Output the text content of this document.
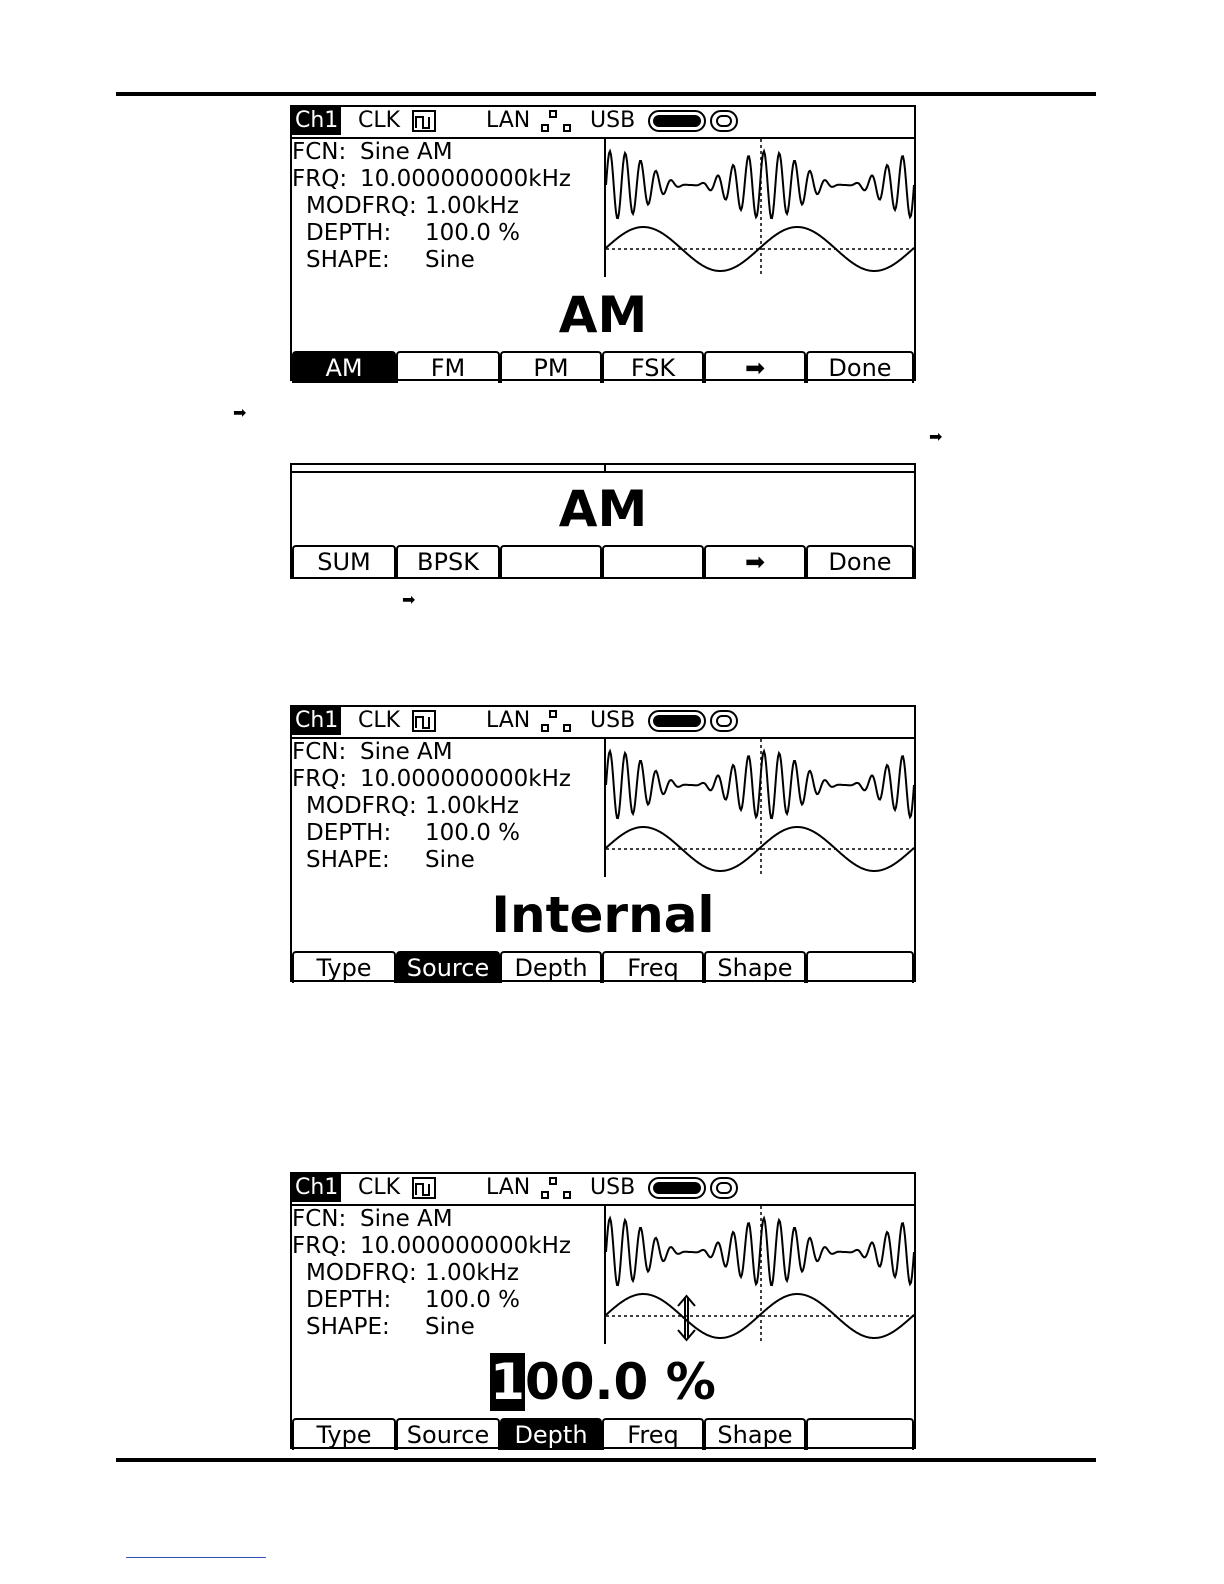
Ch1 CLK	LAN	USB
FCN: Sine AM
FRQ: 10.000000000kHz
MODFRQ: 1.00kHz
DEPTH: 100.0 %
SHAPE: Sine
AM
AM	FM	PM	FSK	➡	Done
➡
➡
AM
SUM	BPSK	➡	Done
➡
Ch1 CLK	LAN	USB
FCN: Sine AM
FRQ: 10.000000000kHz
MODFRQ: 1.00kHz
DEPTH: 100.0 %
SHAPE: Sine
Internal
Type	Source	Depth	Freq	Shape
Ch1 CLK	LAN	USB
FCN: Sine AM
FRQ: 10.000000000kHz
MODFRQ: 1.00kHz
DEPTH: 100.0 %
SHAPE: Sine
100.0 %
Type	Source	Depth	Freq	Shape
